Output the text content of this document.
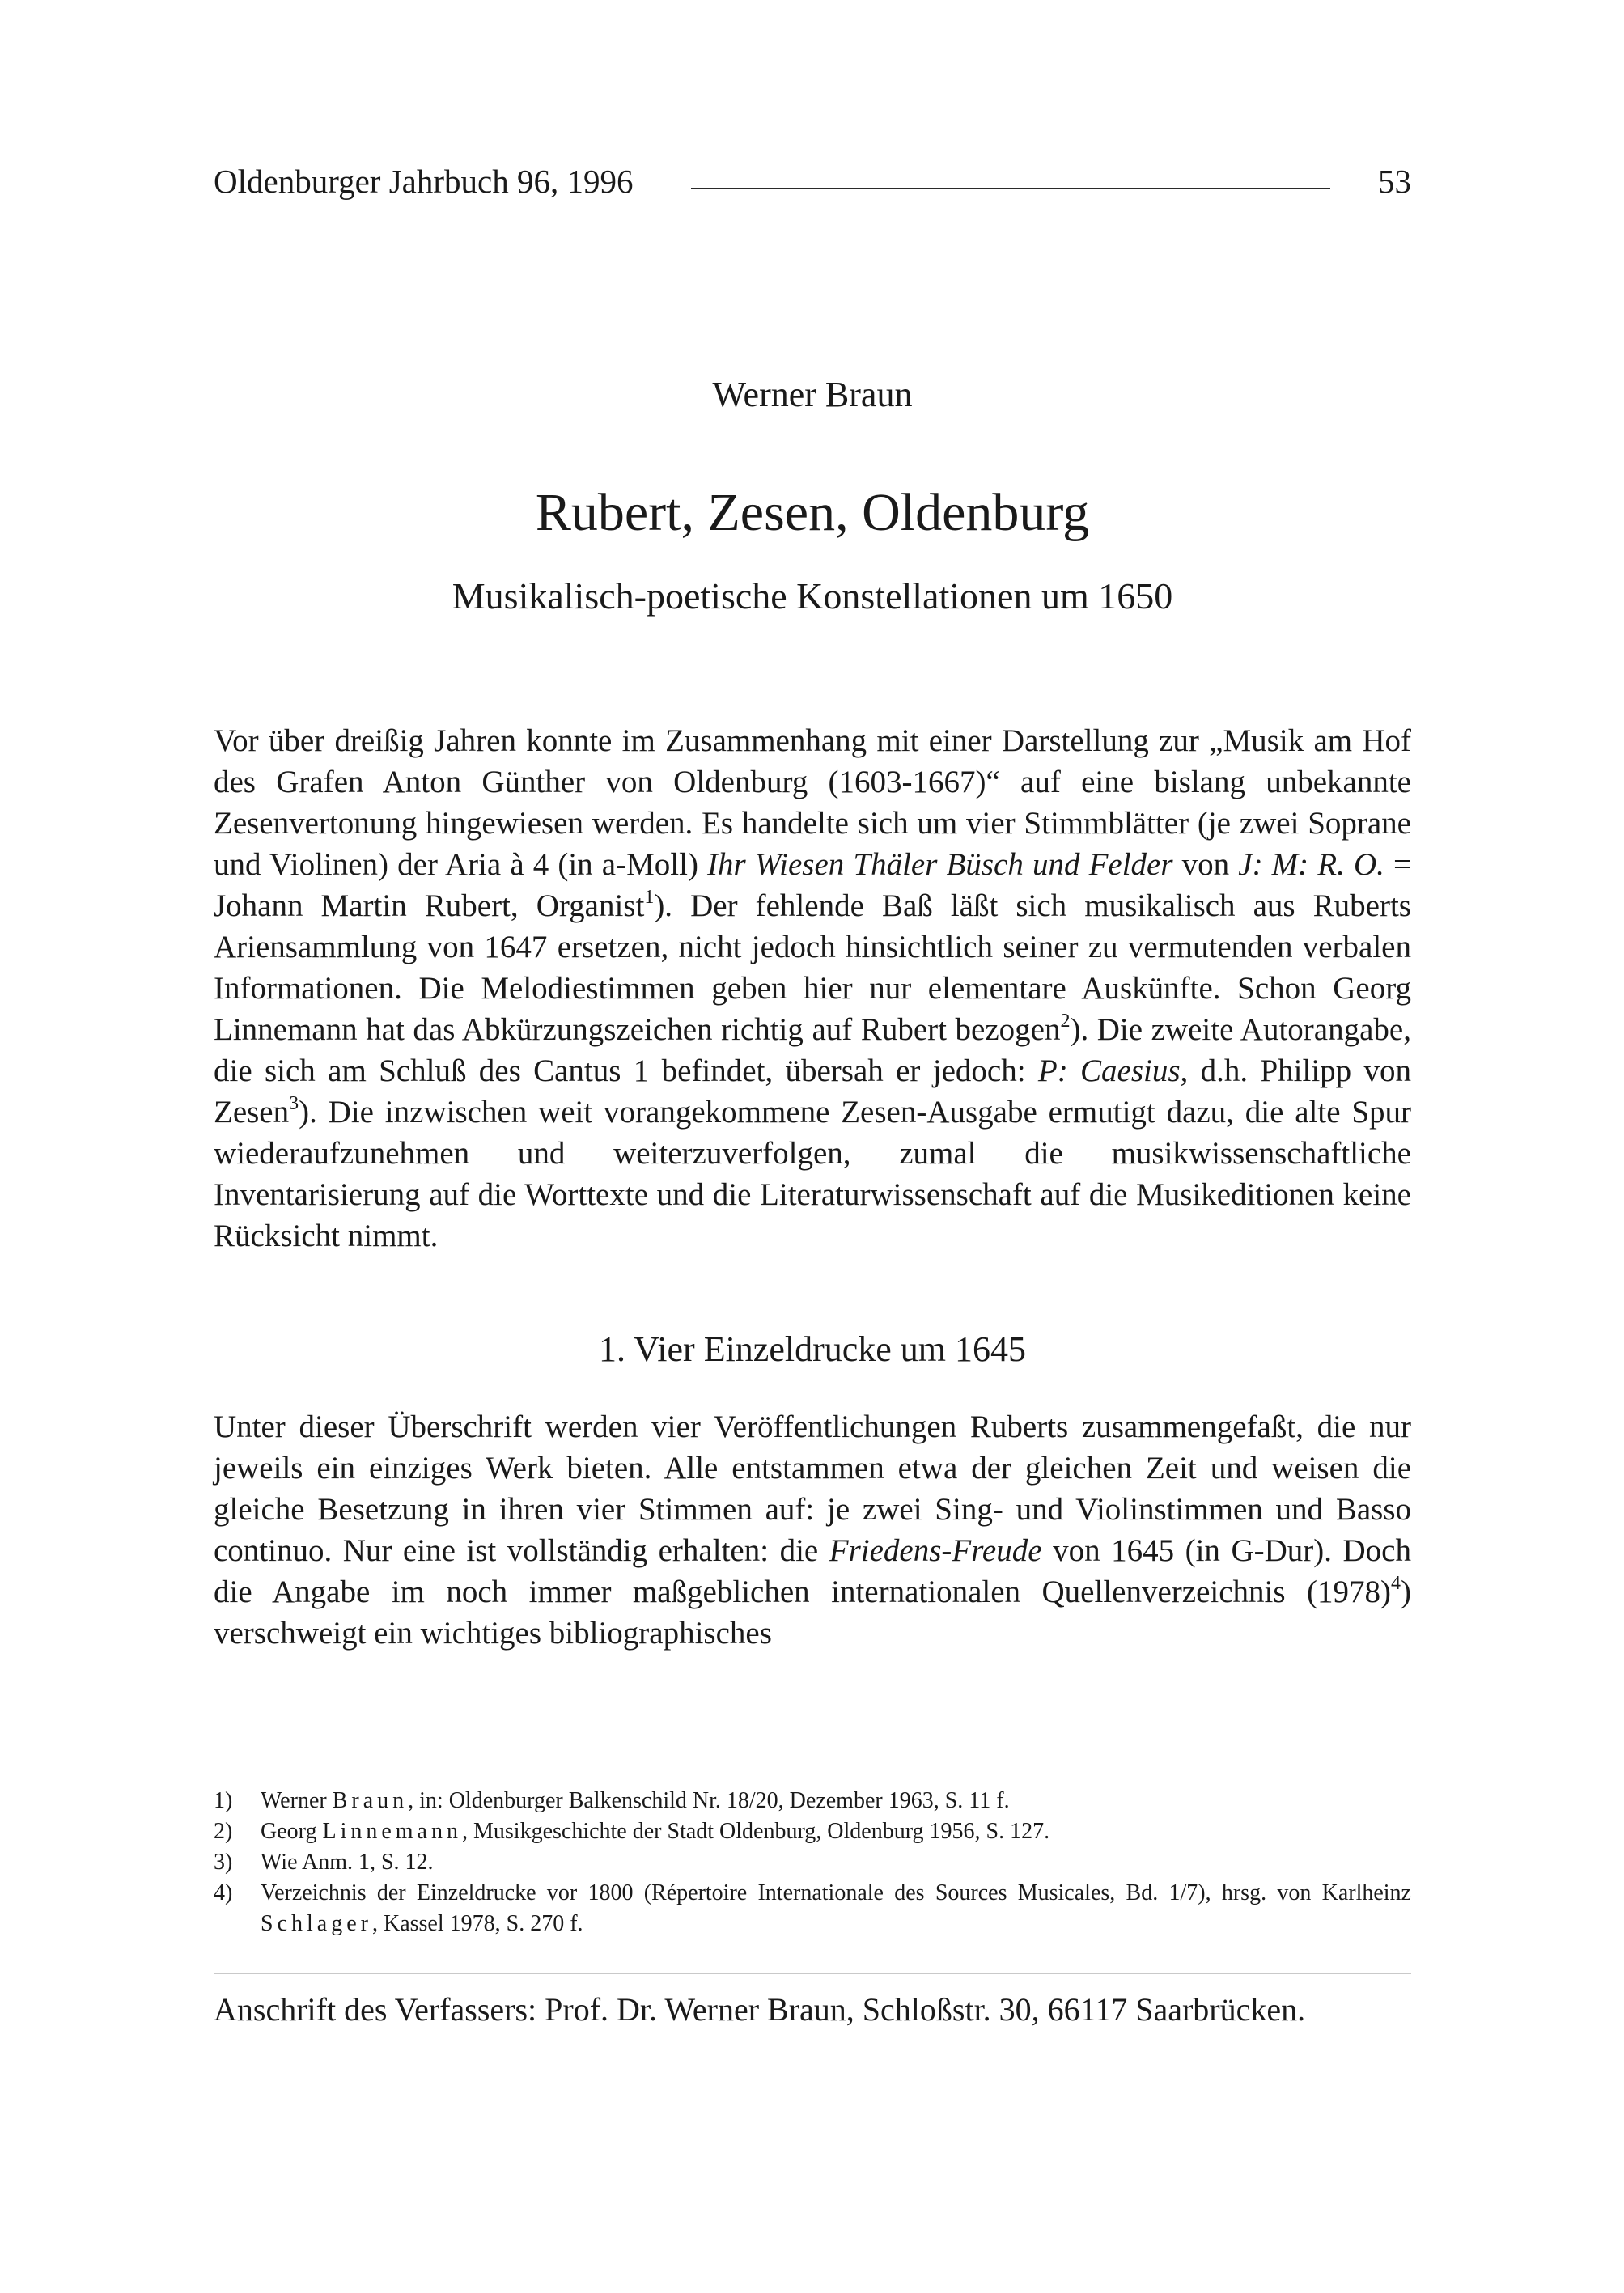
Oldenburger Jahrbuch 96, 1996	53
Werner Braun
Rubert, Zesen, Oldenburg
Musikalisch-poetische Konstellationen um 1650

Vor über dreißig Jahren konnte im Zusammenhang mit einer Darstellung zur „Musik am Hof des Grafen Anton Günther von Oldenburg (1603-1667)“ auf eine bislang unbekannte Zesenvertonung hingewiesen werden. Es handelte sich um vier Stimmblätter (je zwei Soprane und Violinen) der Aria à 4 (in a-Moll) Ihr Wiesen Thäler Büsch und Felder von J: M: R. O. = Johann Martin Rubert, Organist$^1$). Der fehlende Baß läßt sich musikalisch aus Ruberts Ariensammlung von 1647 ersetzen, nicht jedoch hinsichtlich seiner zu vermutenden verbalen Informationen. Die Melodiestimmen geben hier nur elementare Auskünfte. Schon Georg Linnemann hat das Abkürzungszeichen richtig auf Rubert bezogen$^2$). Die zweite Autorangabe, die sich am Schluß des Cantus 1 befindet, übersah er jedoch: P: Caesius, d.h. Philipp von Zesen$^3$). Die inzwischen weit vorangekommene Zesen-Ausgabe ermutigt dazu, die alte Spur wiederaufzunehmen und weiterzuverfolgen, zumal die musikwissenschaftliche Inventarisierung auf die Worttexte und die Literaturwissenschaft auf die Musikeditionen keine Rücksicht nimmt.

1. Vier Einzeldrucke um 1645

Unter dieser Überschrift werden vier Veröffentlichungen Ruberts zusammengefaßt, die nur jeweils ein einziges Werk bieten. Alle entstammen etwa der gleichen Zeit und weisen die gleiche Besetzung in ihren vier Stimmen auf: je zwei Sing- und Violinstimmen und Basso continuo. Nur eine ist vollständig erhalten: die Friedens-Freude von 1645 (in G-Dur). Doch die Angabe im noch immer maßgeblichen internationalen Quellenverzeichnis $(1978)^4$) verschweigt ein wichtiges bibliographisches

1)	Werner Braun, in: Oldenburger Balkenschild Nr. 18/20, Dezember 1963, S. 11 f.
2)	Georg Linnemann, Musikgeschichte der Stadt Oldenburg, Oldenburg 1956, S. 127.
3)	Wie Anm. 1, S. 12.
4)	Verzeichnis der Einzeldrucke vor 1800 (Répertoire Internationale des Sources Musicales, Bd. 1/7), hrsg. von Karlheinz Schlager, Kassel 1978, S. 270 f.
Anschrift des Verfassers: Prof. Dr. Werner Braun, Schloßstr. 30, 66117 Saarbrücken.
